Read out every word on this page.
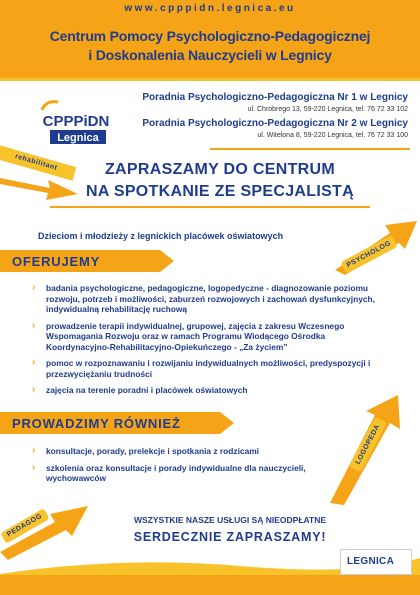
Centrum Pomocy Psychologiczno-Pedagogicznej
i Doskonalenia Nauczycieli w Legnicy
CPPPiDN
Legnica
Poradnia Psychologiczno-Pedagogiczna Nr 1 w Legnicy
ul. Chrobrego 13, 59-220 Legnica, tel. 76 72 33 102
Poradnia Psychologiczno-Pedagogiczna Nr 2 w Legnicy
ul. Witelona 8, 59-220 Legnica, tel. 76 72 33 100
rehabilitant	ZAPRASZAMY DO CENTRUM
NA SPOTKANIE ZE SPECJALISTĄ
Dzieciom i młodzieży z legnickich placówek oświatowych
PSYCHOLOG
OFERUJEMY
› badania psychologiczne, pedagogiczne, logopedyczne - diagnozowanie poziomu rozwoju, potrzeb i możliwości, zaburzeń rozwojowych i zachowań dysfunkcyjnych, indywidualną rehabilitację ruchową
› prowadzenie terapii indywidualnej, grupowej, zajęcia z zakresu Wczesnego Wspomagania Rozwoju oraz w ramach Programu Wiodącego Ośrodka Koordynacyjno-Rehabilitacyjno-Opiekuńczego - „Za życiem”
› pomoc w rozpoznawaniu i rozwijaniu indywidualnych możliwości, predyspozycji i przezwyciężaniu trudności
› zajęcia na terenie poradni i placówek oświatowych
LOGOPEDA
PROWADZIMY RÓWNIEŻ
› konsultacje, porady, prelekcje i spotkania z rodzicami
› szkolenia oraz konsultacje i porady indywidualne dla nauczycieli, wychowawców
PEDAGOG	WSZYSTKIE NASZE USŁUGI SĄ NIEODPŁATNE
SERDECZNIE ZAPRASZAMY!
LEGNICA
www.cpppidn.legnica.eu
